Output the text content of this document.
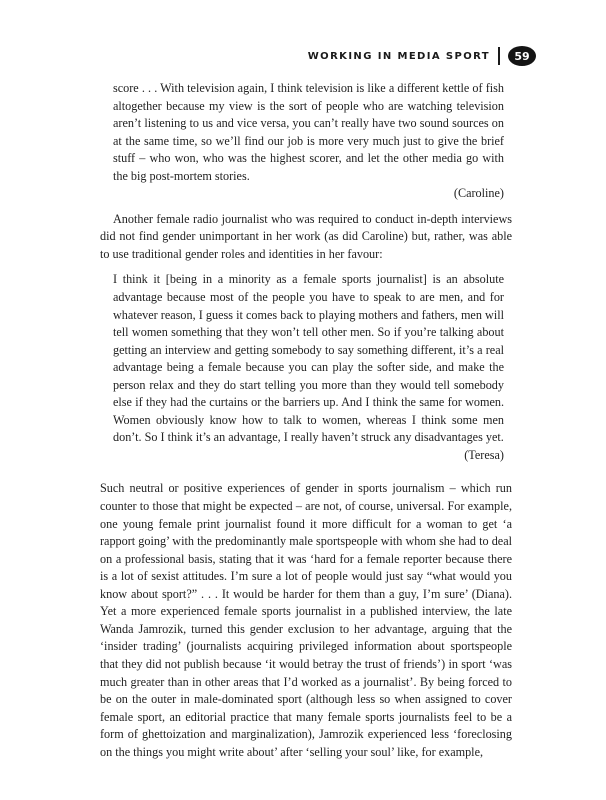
WORKING IN MEDIA SPORT	59

score . . . With television again, I think television is like a different kettle of fish altogether because my view is the sort of people who are watching television aren’t listening to us and vice versa, you can’t really have two sound sources on at the same time, so we’ll find our job is more very much just to give the brief stuff – who won, who was the highest scorer, and let the other media go with the big post-mortem stories.

(Caroline)

Another female radio journalist who was required to conduct in-depth interviews did not find gender unimportant in her work (as did Caroline) but, rather, was able to use traditional gender roles and identities in her favour:

I think it [being in a minority as a female sports journalist] is an absolute advantage because most of the people you have to speak to are men, and for whatever reason, I guess it comes back to playing mothers and fathers, men will tell women something that they won’t tell other men. So if you’re talking about getting an interview and getting somebody to say something different, it’s a real advantage being a female because you can play the softer side, and make the person relax and they do start telling you more than they would tell somebody else if they had the curtains or the barriers up. And I think the same for women. Women obviously know how to talk to women, whereas I think some men don’t. So I think it’s an advantage, I really haven’t struck any disadvantages yet.

(Teresa)

Such neutral or positive experiences of gender in sports journalism – which run counter to those that might be expected – are not, of course, universal. For example, one young female print journalist found it more difficult for a woman to get ‘a rapport going’ with the predominantly male sportspeople with whom she had to deal on a professional basis, stating that it was ‘hard for a female reporter because there is a lot of sexist attitudes. I’m sure a lot of people would just say “what would you know about sport?” . . . It would be harder for them than a guy, I’m sure’ (Diana). Yet a more experienced female sports journalist in a published interview, the late Wanda Jamrozik, turned this gender exclusion to her advantage, arguing that the ‘insider trading’ (journalists acquiring privileged information about sportspeople that they did not publish because ‘it would betray the trust of friends’) in sport ‘was much greater than in other areas that I’d worked as a journalist’. By being forced to be on the outer in male-dominated sport (although less so when assigned to cover female sport, an editorial practice that many female sports journalists feel to be a form of ghettoization and marginalization), Jamrozik experienced less ‘foreclosing on the things you might write about’ after ‘selling your soul’ like, for example,
